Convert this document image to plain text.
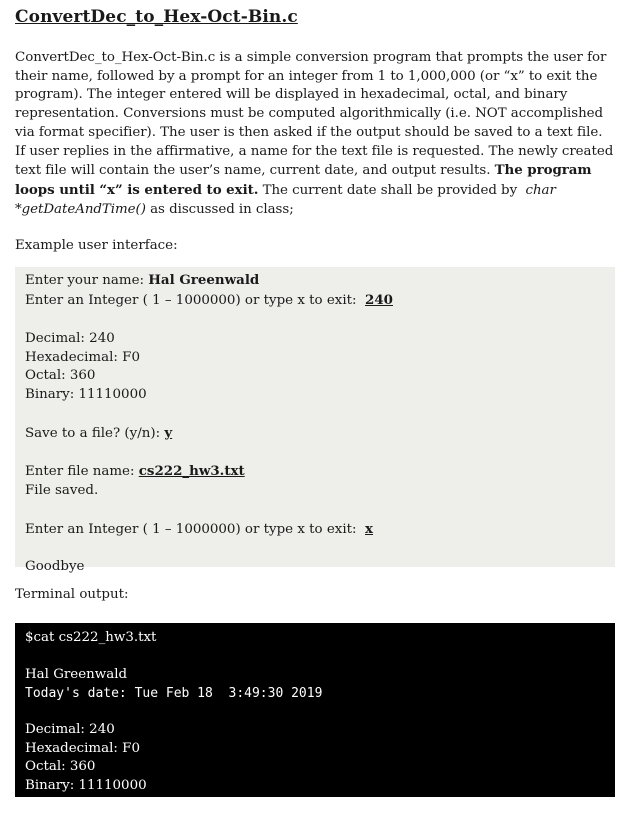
ConvertDec_to_Hex-Oct-Bin.c
ConvertDec_to_Hex-Oct-Bin.c is a simple conversion program that prompts the user for their name, followed by a prompt for an integer from 1 to 1,000,000 (or “x” to exit the program). The integer entered will be displayed in hexadecimal, octal, and binary representation. Conversions must be computed algorithmically (i.e. NOT accomplished via format specifier). The user is then asked if the output should be saved to a text file. If user replies in the affirmative, a name for the text file is requested. The newly created text file will contain the user’s name, current date, and output results. The program loops until “x” is entered to exit. The current date shall be provided by  char *getDateAndTime() as discussed in class;
Example user interface:
Enter your name: Hal Greenwald
Enter an Integer ( 1 – 1000000) or type x to exit:  240
Decimal: 240
Hexadecimal: F0
Octal: 360
Binary: 11110000
Save to a file? (y/n): y
Enter file name: cs222_hw3.txt
File saved.
Enter an Integer ( 1 – 1000000) or type x to exit:  x
Goodbye
Terminal output:
$cat cs222_hw3.txt
Hal Greenwald
Today's date: Tue Feb 18  3:49:30 2019
Decimal: 240
Hexadecimal: F0
Octal: 360
Binary: 11110000
